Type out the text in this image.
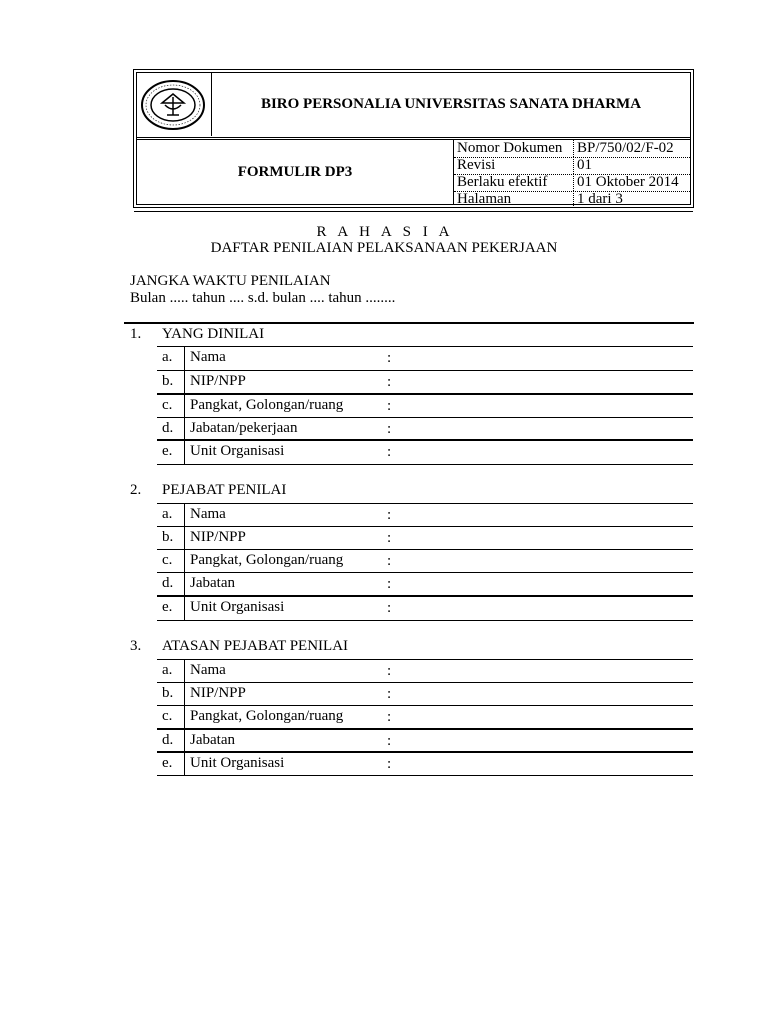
BIRO PERSONALIA UNIVERSITAS SANATA DHARMA
FORMULIR DP3
Nomor Dokumen BP/750/02/F-02
Revisi	01
Berlaku efektif 01 Oktober 2014
Halaman	1 dari 3
R A H A S I A
DAFTAR PENILAIAN PELAKSANAAN PEKERJAAN
JANGKA WAKTU PENILAIAN
Bulan ..... tahun .... s.d. bulan .... tahun ........
1. YANG DINILAI
a. Nama	:
b. NIP/NPP	:
c. Pangkat, Golongan/ruang	:
d. Jabatan/pekerjaan	:
e. Unit Organisasi	:
2. PEJABAT PENILAI
a. Nama	:
b. NIP/NPP	:
c. Pangkat, Golongan/ruang	:
d. Jabatan	:
e. Unit Organisasi	:
3. ATASAN PEJABAT PENILAI
a. Nama	:
b. NIP/NPP	:
c. Pangkat, Golongan/ruang	:
d. Jabatan	:
e. Unit Organisasi	:
